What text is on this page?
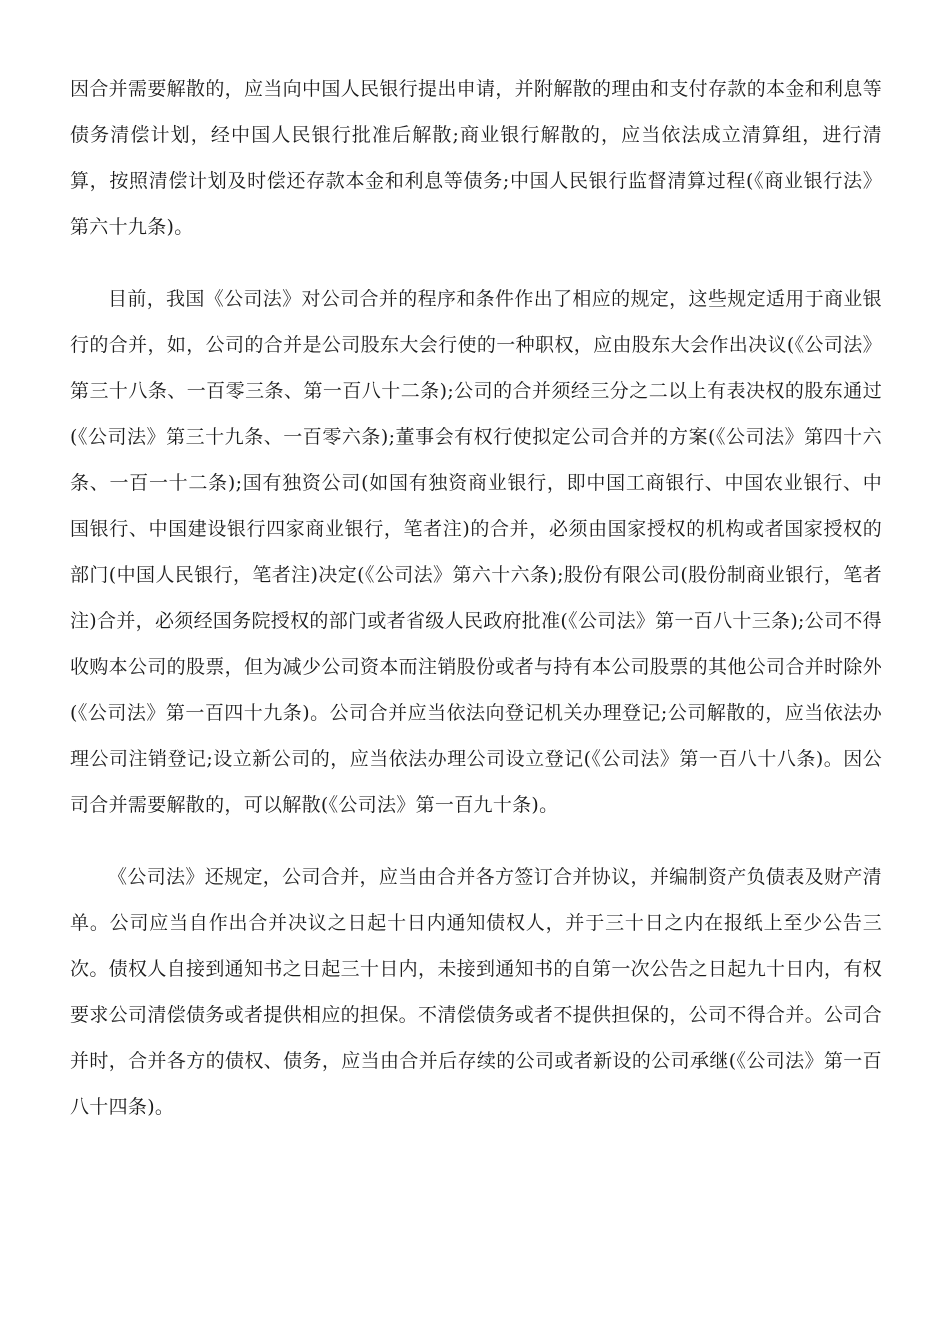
因合并需要解散的，应当向中国人民银行提出申请，并附解散的理由和支付存款的本金和利息等债务清偿计划，经中国人民银行批准后解散;商业银行解散的，应当依法成立清算组，进行清算，按照清偿计划及时偿还存款本金和利息等债务;中国人民银行监督清算过程(《商业银行法》第六十九条)。

目前，我国《公司法》对公司合并的程序和条件作出了相应的规定，这些规定适用于商业银行的合并，如，公司的合并是公司股东大会行使的一种职权，应由股东大会作出决议(《公司法》第三十八条、一百零三条、第一百八十二条);公司的合并须经三分之二以上有表决权的股东通过(《公司法》第三十九条、一百零六条);董事会有权行使拟定公司合并的方案(《公司法》第四十六条、一百一十二条);国有独资公司(如国有独资商业银行，即中国工商银行、中国农业银行、中国银行、中国建设银行四家商业银行，笔者注)的合并，必须由国家授权的机构或者国家授权的部门(中国人民银行，笔者注)决定(《公司法》第六十六条);股份有限公司(股份制商业银行，笔者注)合并，必须经国务院授权的部门或者省级人民政府批准(《公司法》第一百八十三条);公司不得收购本公司的股票，但为减少公司资本而注销股份或者与持有本公司股票的其他公司合并时除外(《公司法》第一百四十九条)。公司合并应当依法向登记机关办理登记;公司解散的，应当依法办理公司注销登记;设立新公司的，应当依法办理公司设立登记(《公司法》第一百八十八条)。因公司合并需要解散的，可以解散(《公司法》第一百九十条)。

《公司法》还规定，公司合并，应当由合并各方签订合并协议，并编制资产负债表及财产清单。公司应当自作出合并决议之日起十日内通知债权人，并于三十日之内在报纸上至少公告三次。债权人自接到通知书之日起三十日内，未接到通知书的自第一次公告之日起九十日内，有权要求公司清偿债务或者提供相应的担保。不清偿债务或者不提供担保的，公司不得合并。公司合并时，合并各方的债权、债务，应当由合并后存续的公司或者新设的公司承继(《公司法》第一百八十四条)。
